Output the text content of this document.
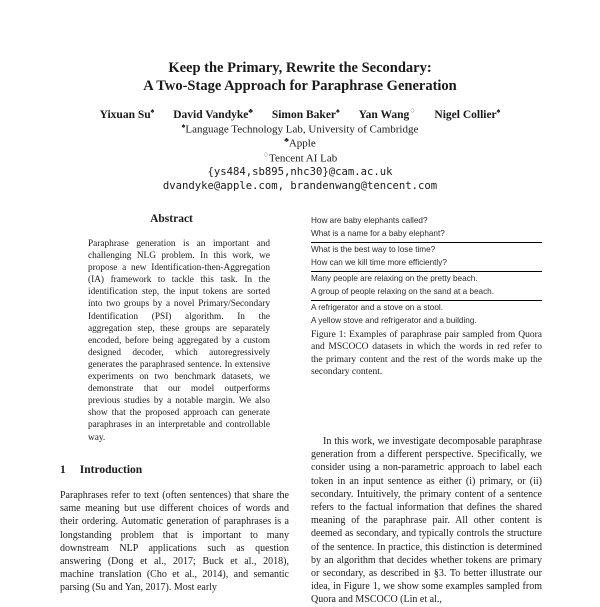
Keep the Primary, Rewrite the Secondary:
A Two-Stage Approach for Paraphrase Generation
Yixuan Su♠ David Vandyke♣ Simon Baker♠ Yan Wang♢ Nigel Collier♠
♠Language Technology Lab, University of Cambridge
♣Apple
♢Tencent AI Lab
{ys484,sb895,nhc30}@cam.ac.uk
dvandyke@apple.com, brandenwang@tencent.com
Abstract
Paraphrase generation is an important and challenging NLG problem. In this work, we propose a new Identification-then-Aggregation (IA) framework to tackle this task. In the identification step, the input tokens are sorted into two groups by a novel Primary/Secondary Identification (PSI) algorithm. In the aggregation step, these groups are separately encoded, before being aggregated by a custom designed decoder, which autoregressively generates the paraphrased sentence. In extensive experiments on two benchmark datasets, we demonstrate that our model outperforms previous studies by a notable margin. We also show that the proposed approach can generate paraphrases in an interpretable and controllable way.
1 Introduction
Paraphrases refer to text (often sentences) that share the same meaning but use different choices of words and their ordering. Automatic generation of paraphrases is a longstanding problem that is important to many downstream NLP applications such as question answering (Dong et al., 2017; Buck et al., 2018), machine translation (Cho et al., 2014), and semantic parsing (Su and Yan, 2017). Most early
How are baby elephants called?
What is a name for a baby elephant?
What is the best way to lose time?
How can we kill time more efficiently?
Many people are relaxing on the pretty beach.
A group of people relaxing on the sand at a beach.
A refrigerator and a stove on a stool.
A yellow stove and refrigerator and a building.
Figure 1: Examples of paraphrase pair sampled from Quora and MSCOCO datasets in which the words in red refer to the primary content and the rest of the words make up the secondary content.
In this work, we investigate decomposable paraphrase generation from a different perspective. Specifically, we consider using a non-parametric approach to label each token in an input sentence as either (i) primary, or (ii) secondary. Intuitively, the primary content of a sentence refers to the factual information that defines the shared meaning of the paraphrase pair. All other content is deemed as secondary, and typically controls the structure of the sentence. In practice, this distinction is determined by an algorithm that decides whether tokens are primary or secondary, as described in §3. To better illustrate our idea, in Figure 1, we show some examples sampled from Quora and MSCOCO (Lin et al.,
